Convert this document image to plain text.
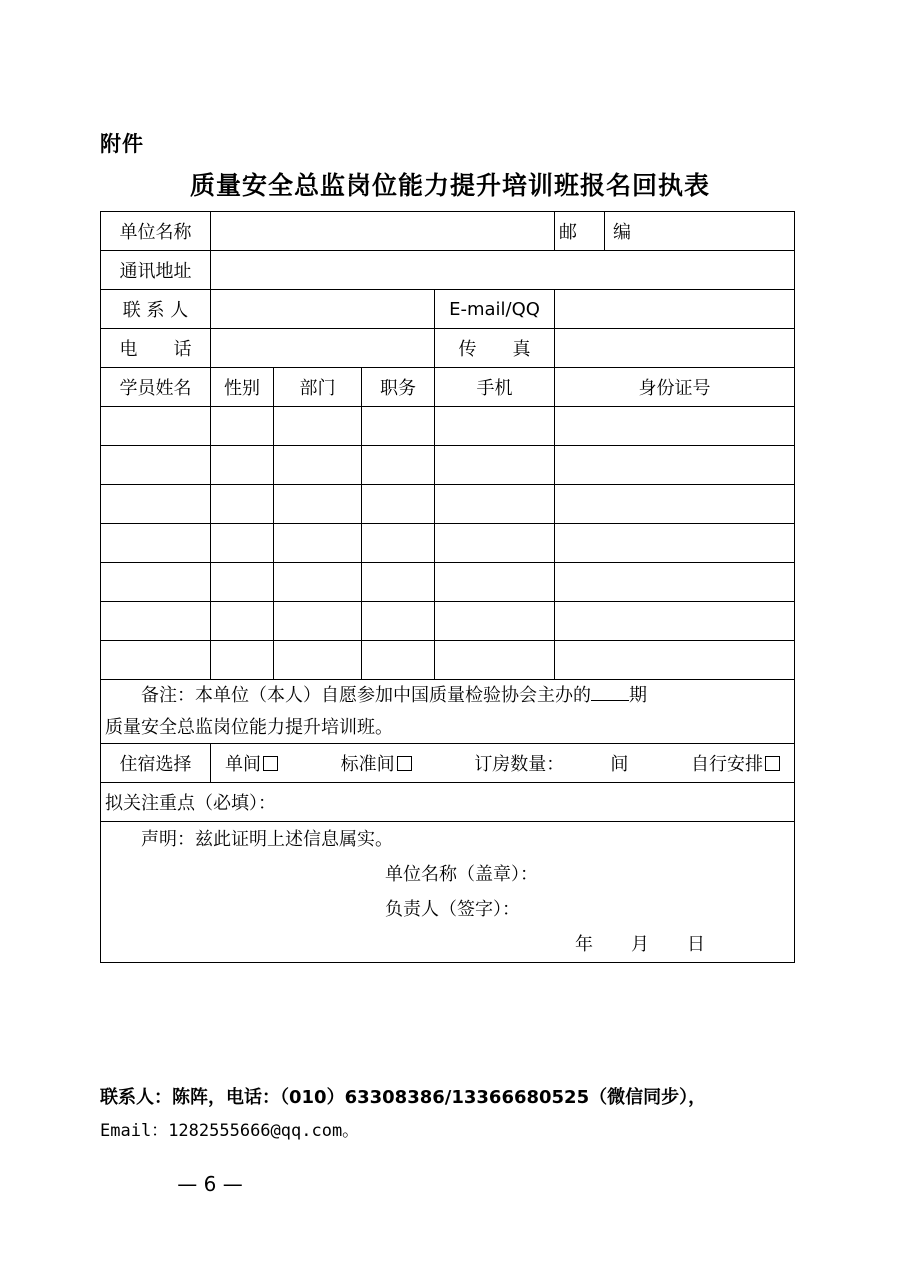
附件
质量安全总监岗位能力提升培训班报名回执表
单位名称					邮　　编	
通讯地址						
联 系 人				E-mail/QQ		
电　　话				传　　真		
学员姓名	性别	部门	职务	手机	身份证号	

备注：本单位（本人）自愿参加中国质量检验协会主办的 期
质量安全总监岗位能力提升培训班。						

住宿选择	单间 标准间 订房数量： 间 自行安排					

拟关注重点（必填）：						

声明：兹此证明上述信息属实。
单位名称（盖章）：
负责人（签字）：
年 月 日						
联系人：陈阵，电话：（010）63308386/13366680525（微信同步），
Email：1282555666@qq.com。
— 6 —
